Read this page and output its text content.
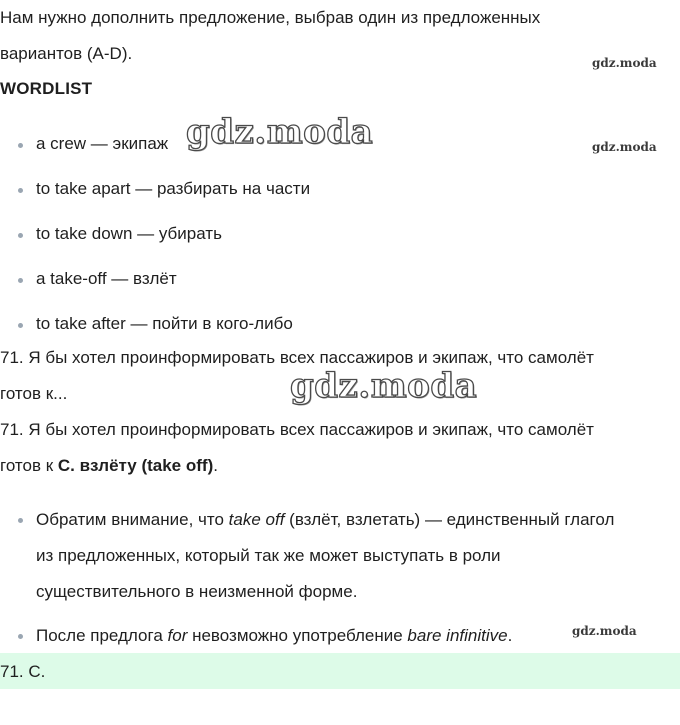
Нам нужно дополнить предложение, выбрав один из предложенных

вариантов (A-D).

WORDLIST

a crew — экипаж
to take apart — разбирать на части
to take down — убирать
a take-off — взлёт
to take after — пойти в кого-либо

71. Я бы хотел проинформировать всех пассажиров и экипаж, что самолёт

готов к...

71. Я бы хотел проинформировать всех пассажиров и экипаж, что самолёт

готов к C. взлёту (take off).

Обратим внимание, что take off (взлёт, взлетать) — единственный глагол
из предложенных, который так же может выступать в роли
существительного в неизменной форме.
После предлога for невозможно употребление bare infinitive.
71. C.
gdz.moda
gdz.moda
gdz.moda
gdz.moda
gdz.moda
